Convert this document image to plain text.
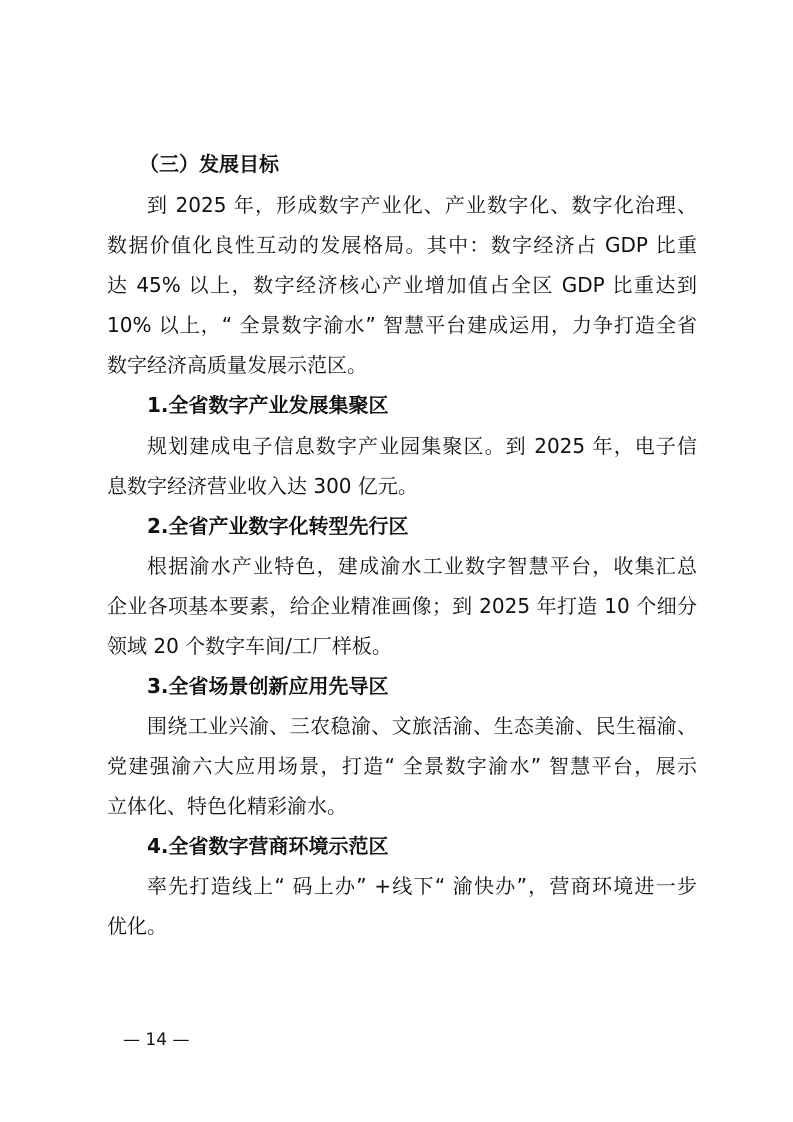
（三）发展目标
到 2025 年，形成数字产业化、产业数字化、数字化治理、
数据价值化良性互动的发展格局。其中：数字经济占 GDP 比重
达 45% 以上，数字经济核心产业增加值占全区 GDP 比重达到
10% 以上，“ 全景数字渝水” 智慧平台建成运用，力争打造全省
数字经济高质量发展示范区。
1.全省数字产业发展集聚区
规划建成电子信息数字产业园集聚区。到 2025 年，电子信
息数字经济营业收入达 300 亿元。
2.全省产业数字化转型先行区
根据渝水产业特色，建成渝水工业数字智慧平台，收集汇总
企业各项基本要素，给企业精准画像；到 2025 年打造 10 个细分
领域 20 个数字车间/工厂样板。
3.全省场景创新应用先导区
围绕工业兴渝、三农稳渝、文旅活渝、生态美渝、民生福渝、
党建强渝六大应用场景，打造“ 全景数字渝水” 智慧平台，展示
立体化、特色化精彩渝水。
4.全省数字营商环境示范区
率先打造线上“ 码上办” +线下“ 渝快办”，营商环境进一步
优化。
— 14 —
